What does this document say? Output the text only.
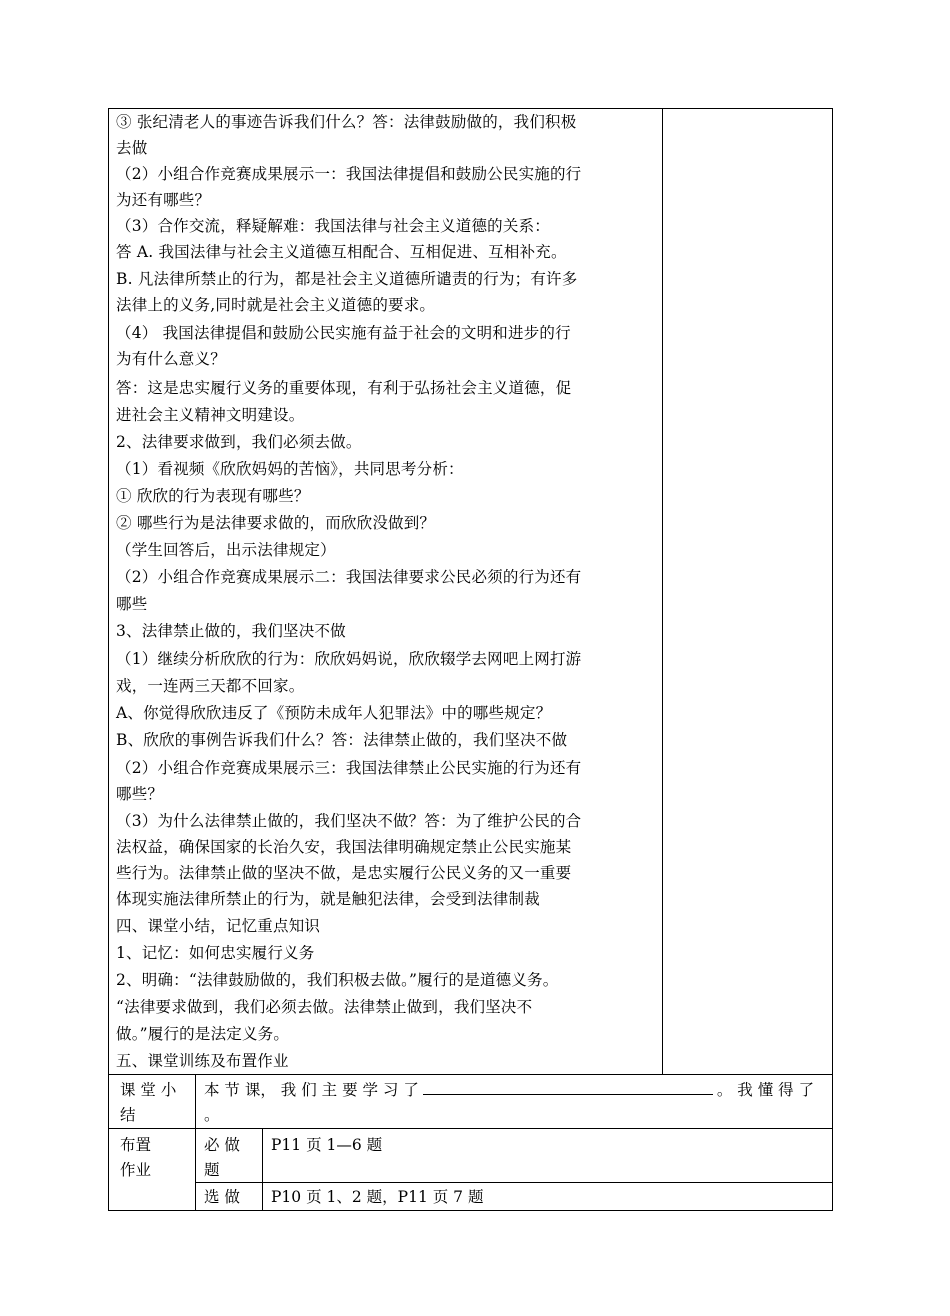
③ 张纪清老人的事迹告诉我们什么？答：法律鼓励做的，我们积极
去做
（2）小组合作竞赛成果展示一：我国法律提倡和鼓励公民实施的行
为还有哪些？
（3）合作交流，释疑解难：我国法律与社会主义道德的关系：
答 A. 我国法律与社会主义道德互相配合、互相促进、互相补充。
B. 凡法律所禁止的行为，都是社会主义道德所谴责的行为；有许多
法律上的义务,同时就是社会主义道德的要求。
（4） 我国法律提倡和鼓励公民实施有益于社会的文明和进步的行
为有什么意义？
答：这是忠实履行义务的重要体现，有利于弘扬社会主义道德，促
进社会主义精神文明建设。
2、法律要求做到，我们必须去做。
（1）看视频《欣欣妈妈的苦恼》，共同思考分析：
① 欣欣的行为表现有哪些？
② 哪些行为是法律要求做的，而欣欣没做到？
（学生回答后，出示法律规定）
（2）小组合作竞赛成果展示二：我国法律要求公民必须的行为还有
哪些
3、法律禁止做的，我们坚决不做
（1）继续分析欣欣的行为：欣欣妈妈说，欣欣辍学去网吧上网打游
戏，一连两三天都不回家。
A、你觉得欣欣违反了《预防未成年人犯罪法》中的哪些规定？
B、欣欣的事例告诉我们什么？答：法律禁止做的，我们坚决不做
（2）小组合作竞赛成果展示三：我国法律禁止公民实施的行为还有
哪些？
（3）为什么法律禁止做的，我们坚决不做？答：为了维护公民的合
法权益，确保国家的长治久安，我国法律明确规定禁止公民实施某
些行为。法律禁止做的坚决不做，是忠实履行公民义务的又一重要
体现实施法律所禁止的行为，就是触犯法律，会受到法律制裁
四、课堂小结，记忆重点知识
1、记忆：如何忠实履行义务
2、明确：“法律鼓励做的，我们积极去做。”履行的是道德义务。
“法律要求做到，我们必须去做。法律禁止做到，我们坚决不
做。”履行的是法定义务。
五、课堂训练及布置作业
课 堂 小
结
本 节 课， 我 们 主 要 学 习 了	。 我 懂 得 了
。
布置
作业
必 做
题
P11 页 1—6 题
选 做 P10 页 1、2 题，P11 页 7 题
